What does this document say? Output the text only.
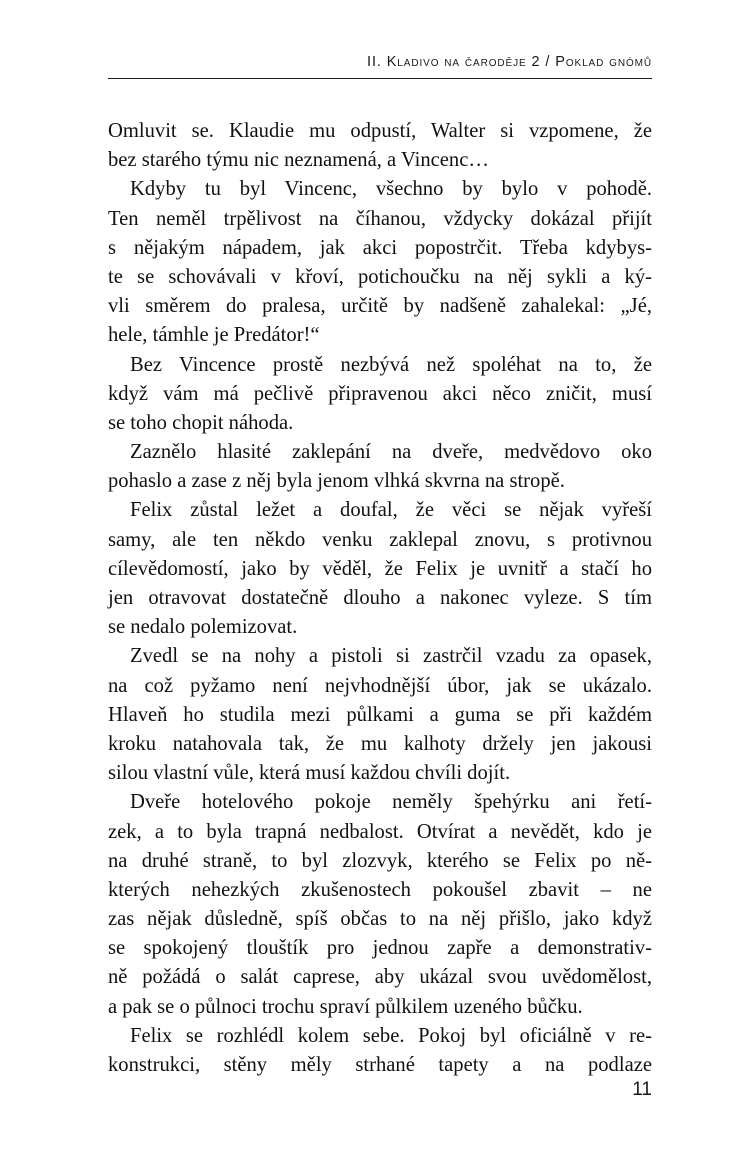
II. Kladivo na čaroděje 2 / Poklad gnómů
Omluvit se. Klaudie mu odpustí, Walter si vzpomene, že
bez starého týmu nic neznamená, a Vincenc…
Kdyby tu byl Vincenc, všechno by bylo v pohodě.
Ten neměl trpělivost na číhanou, vždycky dokázal přijít
s nějakým nápadem, jak akci popostrčit. Třeba kdybys-
te se schovávali v křoví, potichoučku na něj sykli a ký-
vli směrem do pralesa, určitě by nadšeně zahalekal: „Jé,
hele, támhle je Predátor!“
Bez Vincence prostě nezbývá než spoléhat na to, že
když vám má pečlivě připravenou akci něco zničit, musí
se toho chopit náhoda.
Zaznělo hlasité zaklepání na dveře, medvědovo oko
pohaslo a zase z něj byla jenom vlhká skvrna na stropě.
Felix zůstal ležet a doufal, že věci se nějak vyřeší
samy, ale ten někdo venku zaklepal znovu, s protivnou
cílevědomostí, jako by věděl, že Felix je uvnitř a stačí ho
jen otravovat dostatečně dlouho a nakonec vyleze. S tím
se nedalo polemizovat.
Zvedl se na nohy a pistoli si zastrčil vzadu za opasek,
na což pyžamo není nejvhodnější úbor, jak se ukázalo.
Hlaveň ho studila mezi půlkami a guma se při každém
kroku natahovala tak, že mu kalhoty držely jen jakousi
silou vlastní vůle, která musí každou chvíli dojít.
Dveře hotelového pokoje neměly špehýrku ani řetí-
zek, a to byla trapná nedbalost. Otvírat a nevědět, kdo je
na druhé straně, to byl zlozvyk, kterého se Felix po ně-
kterých nehezkých zkušenostech pokoušel zbavit – ne
zas nějak důsledně, spíš občas to na něj přišlo, jako když
se spokojený tlouštík pro jednou zapře a demonstrativ-
ně požádá o salát caprese, aby ukázal svou uvědomělost,
a pak se o půlnoci trochu spraví půlkilem uzeného bůčku.
Felix se rozhlédl kolem sebe. Pokoj byl oficiálně v re-
konstrukci, stěny měly strhané tapety a na podlaze
11
